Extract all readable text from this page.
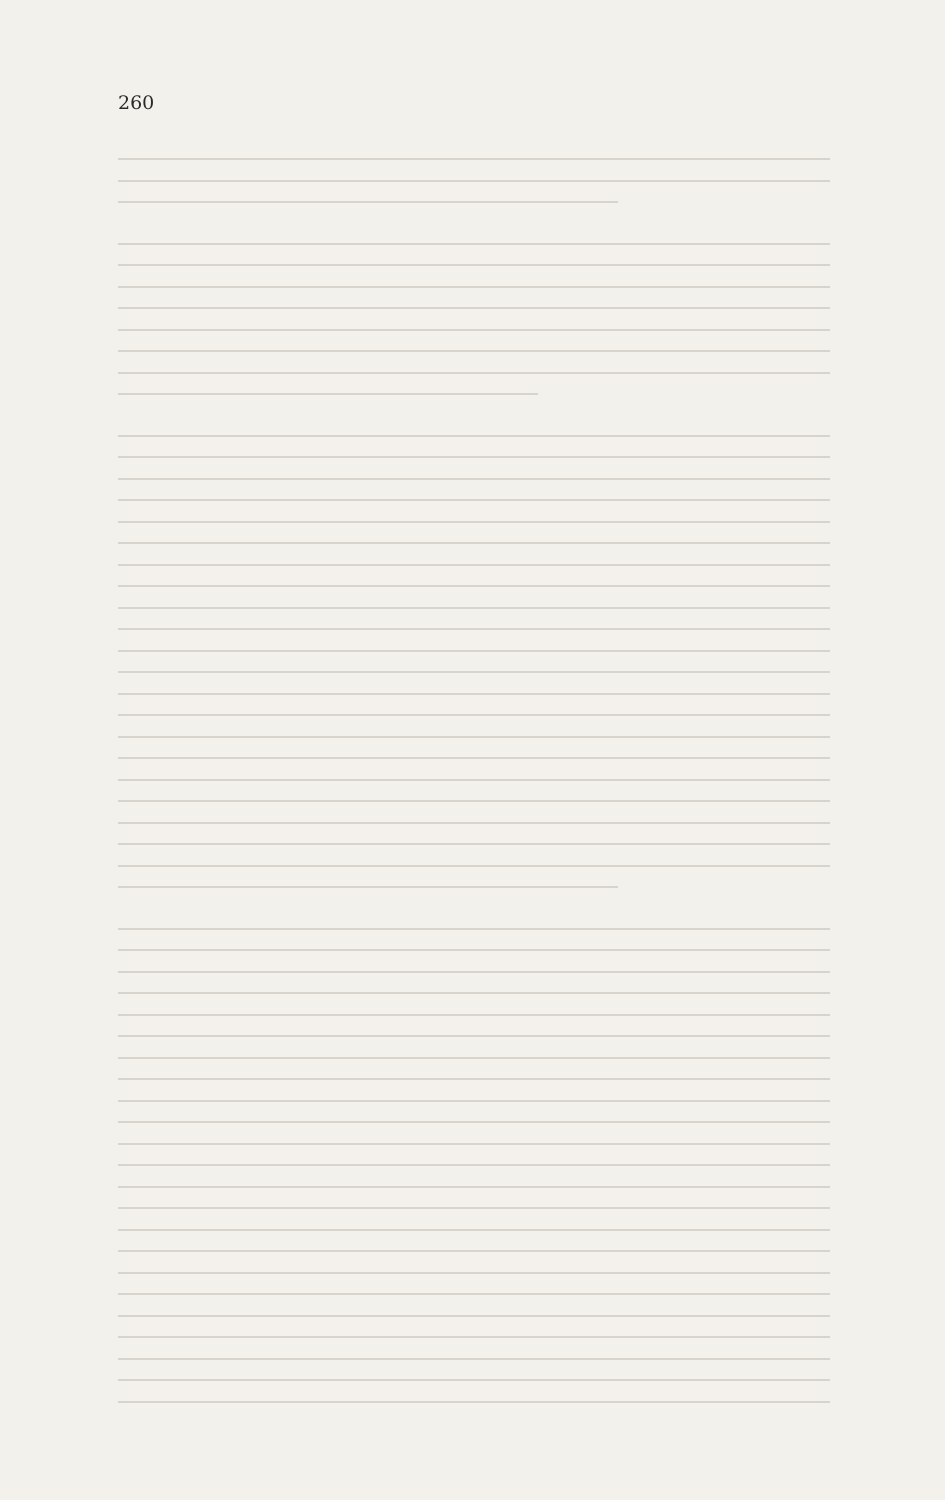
260
